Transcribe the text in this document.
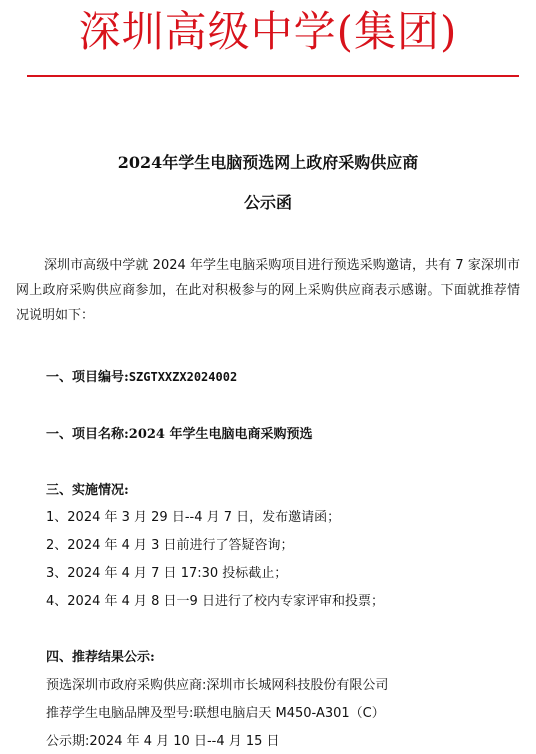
深圳高级中学(集团)
2024年学生电脑预选网上政府采购供应商
公示函
深圳市高级中学就 2024 年学生电脑采购项目进行预选采购邀请，共有 7 家深圳市网上政府采购供应商参加，在此对积极参与的网上采购供应商表示感谢。下面就推荐情况说明如下：
一、项目编号:SZGTXXZX2024002
一、项目名称:2024 年学生电脑电商采购预选
三、实施情况:
1、2024 年 3 月 29 日--4 月 7 日，发布邀请函；
2、2024 年 4 月 3 日前进行了答疑咨询；
3、2024 年 4 月 7 日 17:30 投标截止；
4、2024 年 4 月 8 日一9 日进行了校内专家评审和投票；
四、推荐结果公示:
预选深圳市政府采购供应商:深圳市长城网科技股份有限公司
推荐学生电脑品牌及型号:联想电脑启天 M450-A301（C）
公示期:2024 年 4 月 10 日--4 月 15 日
